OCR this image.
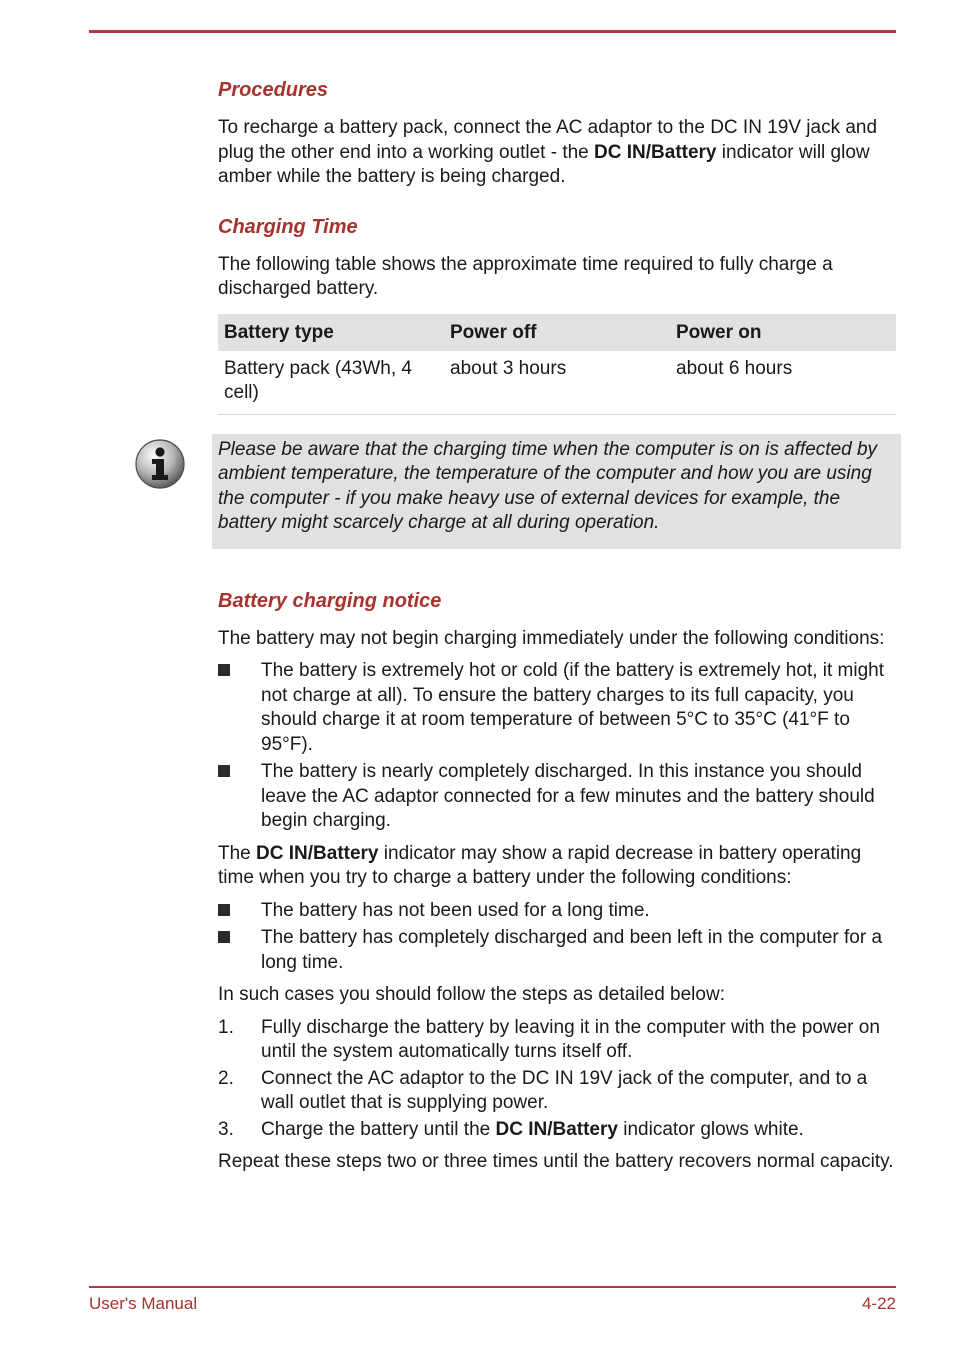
Procedures

To recharge a battery pack, connect the AC adaptor to the DC IN 19V jack and plug the other end into a working outlet - the DC IN/Battery indicator will glow amber while the battery is being charged.

Charging Time

The following table shows the approximate time required to fully charge a discharged battery.

Battery type	Power off	Power on
Battery pack (43Wh, 4 cell)	about 3 hours	about 6 hours
Please be aware that the charging time when the computer is on is affected by ambient temperature, the temperature of the computer and how you are using the computer - if you make heavy use of external devices for example, the battery might scarcely charge at all during operation.
Battery charging notice

The battery may not begin charging immediately under the following conditions:

The battery is extremely hot or cold (if the battery is extremely hot, it might not charge at all). To ensure the battery charges to its full capacity, you should charge it at room temperature of between 5°C to 35°C (41°F to 95°F).
The battery is nearly completely discharged. In this instance you should leave the AC adaptor connected for a few minutes and the battery should begin charging.

The DC IN/Battery indicator may show a rapid decrease in battery operating time when you try to charge a battery under the following conditions:

The battery has not been used for a long time.
The battery has completely discharged and been left in the computer for a long time.

In such cases you should follow the steps as detailed below:

1. Fully discharge the battery by leaving it in the computer with the power on until the system automatically turns itself off.
2. Connect the AC adaptor to the DC IN 19V jack of the computer, and to a wall outlet that is supplying power.
3. Charge the battery until the DC IN/Battery indicator glows white.

Repeat these steps two or three times until the battery recovers normal capacity.

User's Manual	4-22
